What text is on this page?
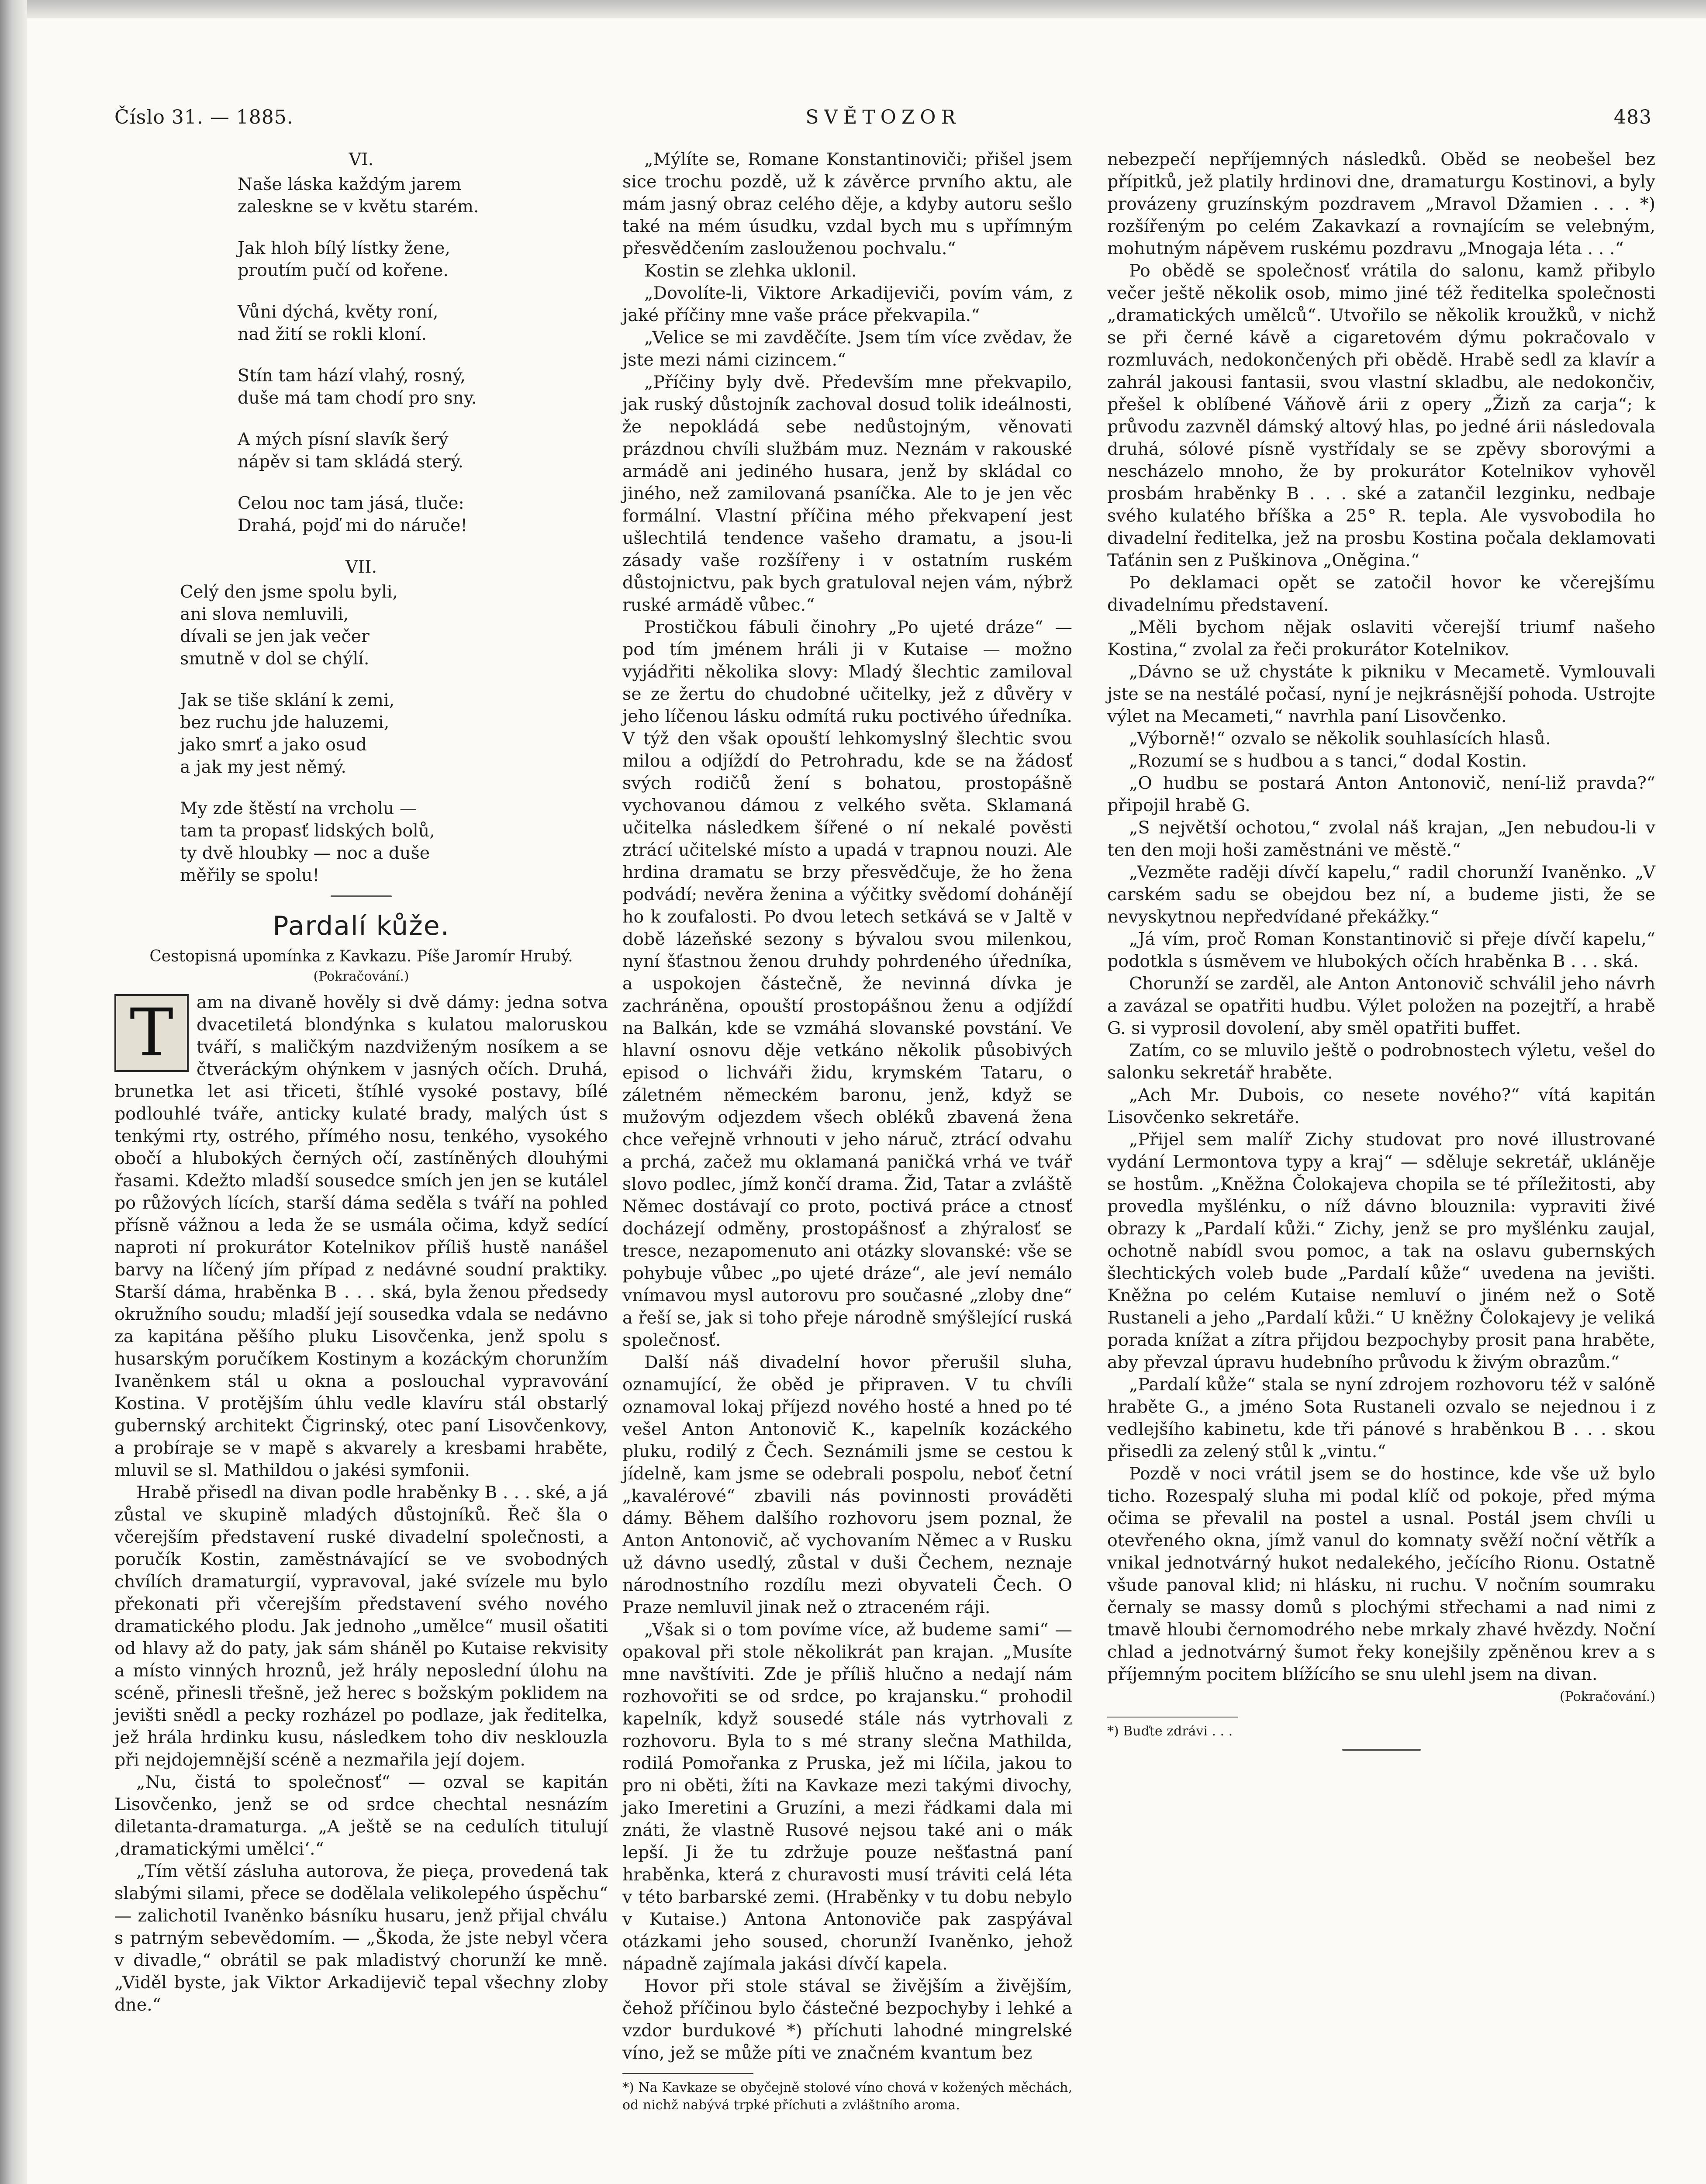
Číslo 31. — 1885.	SVĚTOZOR	483
VI.
Naše láska každým jarem
zaleskne se v květu starém.
Jak hloh bílý lístky žene,
proutím pučí od kořene.
Vůni dýchá, květy roní,
nad žití se rokli kloní.
Stín tam hází vlahý, rosný,
duše má tam chodí pro sny.
A mých písní slavík šerý
nápěv si tam skládá sterý.
Celou noc tam jásá, tluče:
Drahá, pojď mi do náruče!
VII.
Celý den jsme spolu byli,
ani slova nemluvili,
dívali se jen jak večer
smutně v dol se chýlí.
Jak se tiše sklání k zemi,
bez ruchu jde haluzemi,
jako smrť a jako osud
a jak my jest němý.
My zde štěstí na vrcholu —
tam ta propasť lidských bolů,
ty dvě hloubky — noc a duše
měřily se spolu!
Pardalí kůže.
Cestopisná upomínka z Kavkazu. Píše Jaromír Hrubý.
(Pokračování.)

T	am na divaně hověly si dvě dámy: jedna sotva dvacetiletá blondýnka s kulatou maloruskou tváří, s maličkým nazdviženým nosíkem a se čtveráckým ohýnkem v jasných očích. Druhá, brunetka let asi třiceti, štíhlé vysoké postavy, bílé podlouhlé tváře, anticky kulaté brady, malých úst s tenkými rty, ostrého, přímého nosu, tenkého, vysokého obočí a hlubokých černých očí, zastíněných dlouhými řasami. Kdežto mladší sousedce smích jen jen se kutálel po růžových lících, starší dáma seděla s tváří na pohled přísně vážnou a leda že se usmála očima, když sedící naproti ní prokurátor Kotelnikov příliš hustě nanášel barvy na líčený jím případ z nedávné soudní praktiky. Starší dáma, hraběnka B . . . ská, byla ženou předsedy okružního soudu; mladší její sousedka vdala se nedávno za kapitána pěšího pluku Lisovčenka, jenž spolu s husarským poručíkem Kostinym a kozáckým chorunžím Ivaněnkem stál u okna a poslouchal vypravování Kostina. V protějším úhlu vedle klavíru stál obstarlý gubernský architekt Čigrinský, otec paní Lisovčenkovy, a probíraje se v mapě s akvarely a kresbami hraběte, mluvil se sl. Mathildou o jakési symfonii.

Hrabě přisedl na divan podle hraběnky B . . . ské, a já zůstal ve skupině mladých důstojníků. Řeč šla o včerejším představení ruské divadelní společnosti, a poručík Kostin, zaměstnávající se ve svobodných chvílích dramaturgií, vypravoval, jaké svízele mu bylo překonati při včerejším představení svého nového dramatického plodu. Jak jednoho „umělce“ musil ošatiti od hlavy až do paty, jak sám sháněl po Kutaise rekvisity a místo vinných hroznů, jež hrály neposlední úlohu na scéně, přinesli třešně, jež herec s božským poklidem na jevišti snědl a pecky rozházel po podlaze, jak ředitelka, jež hrála hrdinku kusu, následkem toho div nesklouzla při nejdojemnější scéně a nezmařila její dojem.

„Nu, čistá to společnosť“ — ozval se kapitán Lisovčenko, jenž se od srdce chechtal nesnázím diletanta-dramaturga. „A ještě se na cedulích titulují ‚dramatickými umělci‘.“

„Tím větší zásluha autorova, že pieça, provedená tak slabými silami, přece se dodělala velikolepého úspěchu“ — zalichotil Ivaněnko básníku husaru, jenž přijal chválu s patrným sebevědomím. — „Škoda, že jste nebyl včera v divadle,“ obrátil se pak mladistvý chorunží ke mně. „Viděl byste, jak Viktor Arkadijevič tepal všechny zloby dne.“

„Mýlíte se, Romane Konstantinoviči; přišel jsem sice trochu pozdě, už k závěrce prvního aktu, ale mám jasný obraz celého děje, a kdyby autoru sešlo také na mém úsudku, vzdal bych mu s upřímným přesvědčením zaslouženou pochvalu.“

Kostin se zlehka uklonil.

„Dovolíte-li, Viktore Arkadijeviči, povím vám, z jaké příčiny mne vaše práce překvapila.“

„Velice se mi zavděčíte. Jsem tím více zvědav, že jste mezi námi cizincem.“

„Příčiny byly dvě. Především mne překvapilo, jak ruský důstojník zachoval dosud tolik ideálnosti, že nepokládá sebe nedůstojným, věnovati prázdnou chvíli službám muz. Neznám v rakouské armádě ani jediného husara, jenž by skládal co jiného, než zamilovaná psaníčka. Ale to je jen věc formální. Vlastní příčina mého překvapení jest ušlechtilá tendence vašeho dramatu, a jsou-li zásady vaše rozšířeny i v ostatním ruském důstojnictvu, pak bych gratuloval nejen vám, nýbrž ruské armádě vůbec.“

Prostičkou fábuli činohry „Po ujeté dráze“ — pod tím jménem hráli ji v Kutaise — možno vyjádřiti několika slovy: Mladý šlechtic zamiloval se ze žertu do chudobné učitelky, jež z důvěry v jeho líčenou lásku odmítá ruku poctivého úředníka. V týž den však opouští lehkomyslný šlechtic svou milou a odjíždí do Petrohradu, kde se na žádosť svých rodičů žení s bohatou, prostopášně vychovanou dámou z velkého světa. Sklamaná učitelka následkem šířené o ní nekalé pověsti ztrácí učitelské místo a upadá v trapnou nouzi. Ale hrdina dramatu se brzy přesvědčuje, že ho žena podvádí; nevěra ženina a výčitky svědomí dohánějí ho k zoufalosti. Po dvou letech setkává se v Jaltě v době lázeňské sezony s bývalou svou milenkou, nyní šťastnou ženou druhdy pohrdeného úředníka, a uspokojen částečně, že nevinná dívka je zachráněna, opouští prostopášnou ženu a odjíždí na Balkán, kde se vzmáhá slovanské povstání. Ve hlavní osnovu děje vetkáno několik působivých episod o lichváři židu, krymském Tataru, o záletném německém baronu, jenž, když se mužovým odjezdem všech obléků zbavená žena chce veřejně vrhnouti v jeho náruč, ztrácí odvahu a prchá, začež mu oklamaná paničká vrhá ve tvář slovo podlec, jímž končí drama. Žid, Tatar a zvláště Němec dostávají co proto, poctivá práce a ctnosť docházejí odměny, prostopášnosť a zhýralosť se tresce, nezapomenuto ani otázky slovanské: vše se pohybuje vůbec „po ujeté dráze“, ale jeví nemálo vnímavou mysl autorovu pro současné „zloby dne“ a řeší se, jak si toho přeje národně smýšlející ruská společnosť.

Další náš divadelní hovor přerušil sluha, oznamující, že oběd je připraven. V tu chvíli oznamoval lokaj příjezd nového hosté a hned po té vešel Anton Antonovič K., kapelník kozáckého pluku, rodilý z Čech. Seznámili jsme se cestou k jídelně, kam jsme se odebrali pospolu, neboť četní „kavalérové“ zbavili nás povinnosti prováděti dámy. Během dalšího rozhovoru jsem poznal, že Anton Antonovič, ač vychovaním Němec a v Rusku už dávno usedlý, zůstal v duši Čechem, neznaje národnostního rozdílu mezi obyvateli Čech. O Praze nemluvil jinak než o ztraceném ráji.

„Však si o tom povíme více, až budeme sami“ — opakoval při stole několikrát pan krajan. „Musíte mne navštíviti. Zde je příliš hlučno a nedají nám rozhovořiti se od srdce, po krajansku.“ prohodil kapelník, když sousedé stále nás vytrhovali z rozhovoru. Byla to s mé strany slečna Mathilda, rodilá Pomořanka z Pruska, jež mi líčila, jakou to pro ni oběti, žíti na Kavkaze mezi takými divochy, jako Imeretini a Gruzíni, a mezi řádkami dala mi znáti, že vlastně Rusové nejsou také ani o mák lepší. Ji že tu zdržuje pouze nešťastná paní hraběnka, která z churavosti musí tráviti celá léta v této barbarské zemi. (Hraběnky v tu dobu nebylo v Kutaise.) Antona Antonoviče pak zaspýával otázkami jeho soused, chorunží Ivaněnko, jehož nápadně zajímala jakási dívčí kapela.

Hovor při stole stával se živějším a živějším, čehož příčinou bylo částečné bezpochyby i lehké a vzdor burdukové *) příchuti lahodné mingrelské víno, jež se může píti ve značném kvantum bez

*) Na Kavkaze se obyčejně stolové víno chová v kožených měchách, od nichž nabývá trpké příchuti a zvláštního aroma.

nebezpečí nepříjemných následků. Oběd se neobešel bez přípitků, jež platily hrdinovi dne, dramaturgu Kostinovi, a byly provázeny gruzínským pozdravem „Mravol Džamien . . . *) rozšířeným po celém Zakavkazí a rovnajícím se velebným, mohutným nápěvem ruskému pozdravu „Mnogaja léta . . .“

Po obědě se společnosť vrátila do salonu, kamž přibylo večer ještě několik osob, mimo jiné též ředitelka společnosti „dramatických umělců“. Utvořilo se několik kroužků, v nichž se při černé kávě a cigaretovém dýmu pokračovalo v rozmluvách, nedokončených při obědě. Hrabě sedl za klavír a zahrál jakousi fantasii, svou vlastní skladbu, ale nedokončiv, přešel k oblíbené Váňově árii z opery „Žizň za carja“; k průvodu zazvněl dámský altový hlas, po jedné árii následovala druhá, sólové písně vystřídaly se se zpěvy sborovými a nescházelo mnoho, že by prokurátor Kotelnikov vyhověl prosbám hraběnky B . . . ské a zatančil lezginku, nedbaje svého kulatého bříška a 25° R. tepla. Ale vysvobodila ho divadelní ředitelka, jež na prosbu Kostina počala deklamovati Taťánin sen z Puškinova „Oněgina.“

Po deklamaci opět se zatočil hovor ke včerejšímu divadelnímu představení.

„Měli bychom nějak oslaviti včerejší triumf našeho Kostina,“ zvolal za řeči prokurátor Kotelnikov.

„Dávno se už chystáte k pikniku v Mecametě. Vymlouvali jste se na nestálé počasí, nyní je nejkrásnější pohoda. Ustrojte výlet na Mecameti,“ navrhla paní Lisovčenko.

„Výborně!“ ozvalo se několik souhlasících hlasů.

„Rozumí se s hudbou a s tanci,“ dodal Kostin.

„O hudbu se postará Anton Antonovič, není-liž pravda?“ připojil hrabě G.

„S největší ochotou,“ zvolal náš krajan, „Jen nebudou-li v ten den moji hoši zaměstnáni ve městě.“

„Vezměte raději dívčí kapelu,“ radil chorunží Ivaněnko. „V carském sadu se obejdou bez ní, a budeme jisti, že se nevyskytnou nepředvídané překážky.“

„Já vím, proč Roman Konstantinovič si přeje dívčí kapelu,“ podotkla s úsměvem ve hlubokých očích hraběnka B . . . ská.

Chorunží se zarděl, ale Anton Antonovič schválil jeho návrh a zavázal se opatřiti hudbu. Výlet položen na pozejtří, a hrabě G. si vyprosil dovolení, aby směl opatřiti buffet.

Zatím, co se mluvilo ještě o podrobnostech výletu, vešel do salonku sekretář hraběte.

„Ach Mr. Dubois, co nesete nového?“ vítá kapitán Lisovčenko sekretáře.

„Přijel sem malíř Zichy studovat pro nové illustrované vydání Lermontova typy a kraj“ — sděluje sekretář, ukláněje se hostům. „Kněžna Čolokajeva chopila se té příležitosti, aby provedla myšlénku, o níž dávno blouznila: vypraviti živé obrazy k „Pardalí kůži.“ Zichy, jenž se pro myšlénku zaujal, ochotně nabídl svou pomoc, a tak na oslavu gubernských šlechtických voleb bude „Pardalí kůže“ uvedena na jevišti. Kněžna po celém Kutaise nemluví o jiném než o Sotě Rustaneli a jeho „Pardalí kůži.“ U kněžny Čolokajevy je veliká porada knížat a zítra přijdou bezpochyby prosit pana hraběte, aby převzal úpravu hudebního průvodu k živým obrazům.“

„Pardalí kůže“ stala se nyní zdrojem rozhovoru též v salóně hraběte G., a jméno Sota Rustaneli ozvalo se nejednou i z vedlejšího kabinetu, kde tři pánové s hraběnkou B . . . skou přisedli za zelený stůl k „vintu.“

Pozdě v noci vrátil jsem se do hostince, kde vše už bylo ticho. Rozespalý sluha mi podal klíč od pokoje, před mýma očima se převalil na postel a usnal. Postál jsem chvíli u otevřeného okna, jímž vanul do komnaty svěží noční větřík a vnikal jednotvárný hukot nedalekého, ječícího Rionu. Ostatně všude panoval klid; ni hlásku, ni ruchu. V nočním soumraku černaly se massy domů s plochými střechami a nad nimi z tmavě hloubi černomodrého nebe mrkaly zhavé hvězdy. Noční chlad a jednotvárný šumot řeky konejšily zpěněnou krev a s příjemným pocitem blížícího se snu ulehl jsem na divan.

(Pokračování.)

*) Buďte zdrávi . . .
